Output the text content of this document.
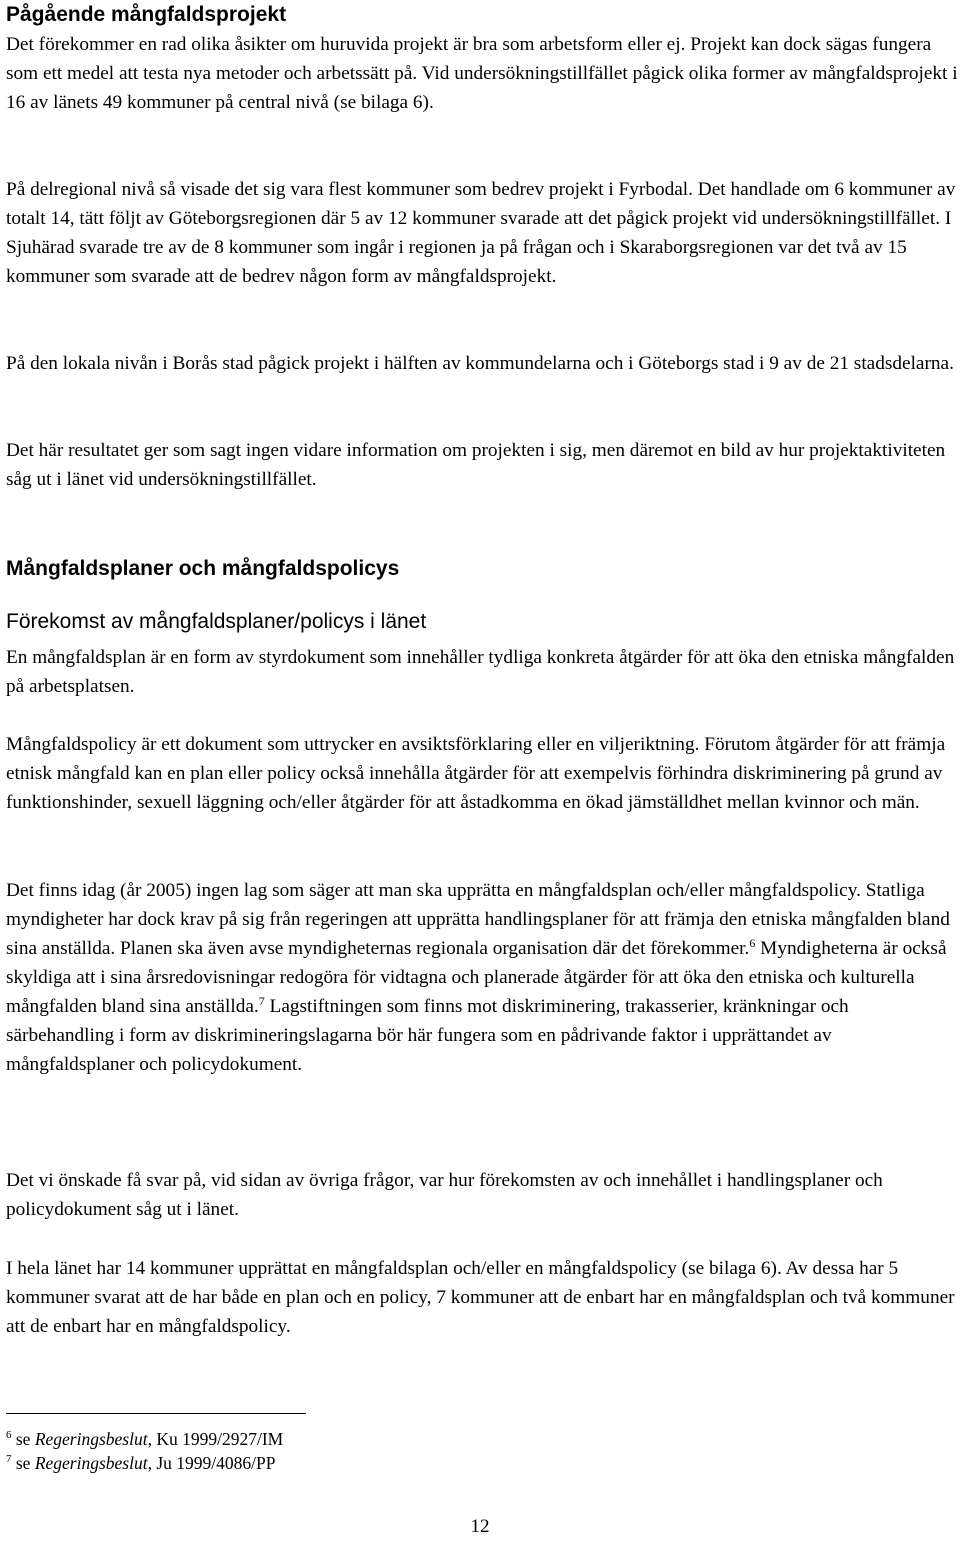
Pågående mångfaldsprojekt

Det förekommer en rad olika åsikter om huruvida projekt är bra som arbetsform eller ej. Projekt kan dock sägas fungera som ett medel att testa nya metoder och arbetssätt på. Vid undersökningstillfället pågick olika former av mångfaldsprojekt i 16 av länets 49 kommuner på central nivå (se bilaga 6).

På delregional nivå så visade det sig vara flest kommuner som bedrev projekt i Fyrbodal. Det handlade om 6 kommuner av totalt 14, tätt följt av Göteborgsregionen där 5 av 12 kommuner svarade att det pågick projekt vid undersökningstillfället. I Sjuhärad svarade tre av de 8 kommuner som ingår i regionen ja på frågan och i Skaraborgsregionen var det två av 15 kommuner som svarade att de bedrev någon form av mångfaldsprojekt.

På den lokala nivån i Borås stad pågick projekt i hälften av kommundelarna och i Göteborgs stad i 9 av de 21 stadsdelarna.

Det här resultatet ger som sagt ingen vidare information om projekten i sig, men däremot en bild av hur projektaktiviteten såg ut i länet vid undersökningstillfället.

Mångfaldsplaner och mångfaldspolicys
Förekomst av mångfaldsplaner/policys i länet

En mångfaldsplan är en form av styrdokument som innehåller tydliga konkreta åtgärder för att öka den etniska mångfalden på arbetsplatsen.

Mångfaldspolicy är ett dokument som uttrycker en avsiktsförklaring eller en viljeriktning. Förutom åtgärder för att främja etnisk mångfald kan en plan eller policy också innehålla åtgärder för att exempelvis förhindra diskriminering på grund av funktionshinder, sexuell läggning och/eller åtgärder för att åstadkomma en ökad jämställdhet mellan kvinnor och män.

Det finns idag (år 2005) ingen lag som säger att man ska upprätta en mångfaldsplan och/eller mångfaldspolicy. Statliga myndigheter har dock krav på sig från regeringen att upprätta handlingsplaner för att främja den etniska mångfalden bland sina anställda. Planen ska även avse myndigheternas regionala organisation där det förekommer.$^6$ Myndigheterna är också skyldiga att i sina årsredovisningar redogöra för vidtagna och planerade åtgärder för att öka den etniska och kulturella mångfalden bland sina anställda.$^7$ Lagstiftningen som finns mot diskriminering, trakasserier, kränkningar och särbehandling i form av diskrimineringslagarna bör här fungera som en pådrivande faktor i upprättandet av mångfaldsplaner och policydokument.

Det vi önskade få svar på, vid sidan av övriga frågor, var hur förekomsten av och innehållet i handlingsplaner och policydokument såg ut i länet.

I hela länet har 14 kommuner upprättat en mångfaldsplan och/eller en mångfaldspolicy (se bilaga 6). Av dessa har 5 kommuner svarat att de har både en plan och en policy, 7 kommuner att de enbart har en mångfaldsplan och två kommuner att de enbart har en mångfaldspolicy.

$^6$ se Regeringsbeslut, Ku 1999/2927/IM
$^7$ se Regeringsbeslut, Ju 1999/4086/PP
12
